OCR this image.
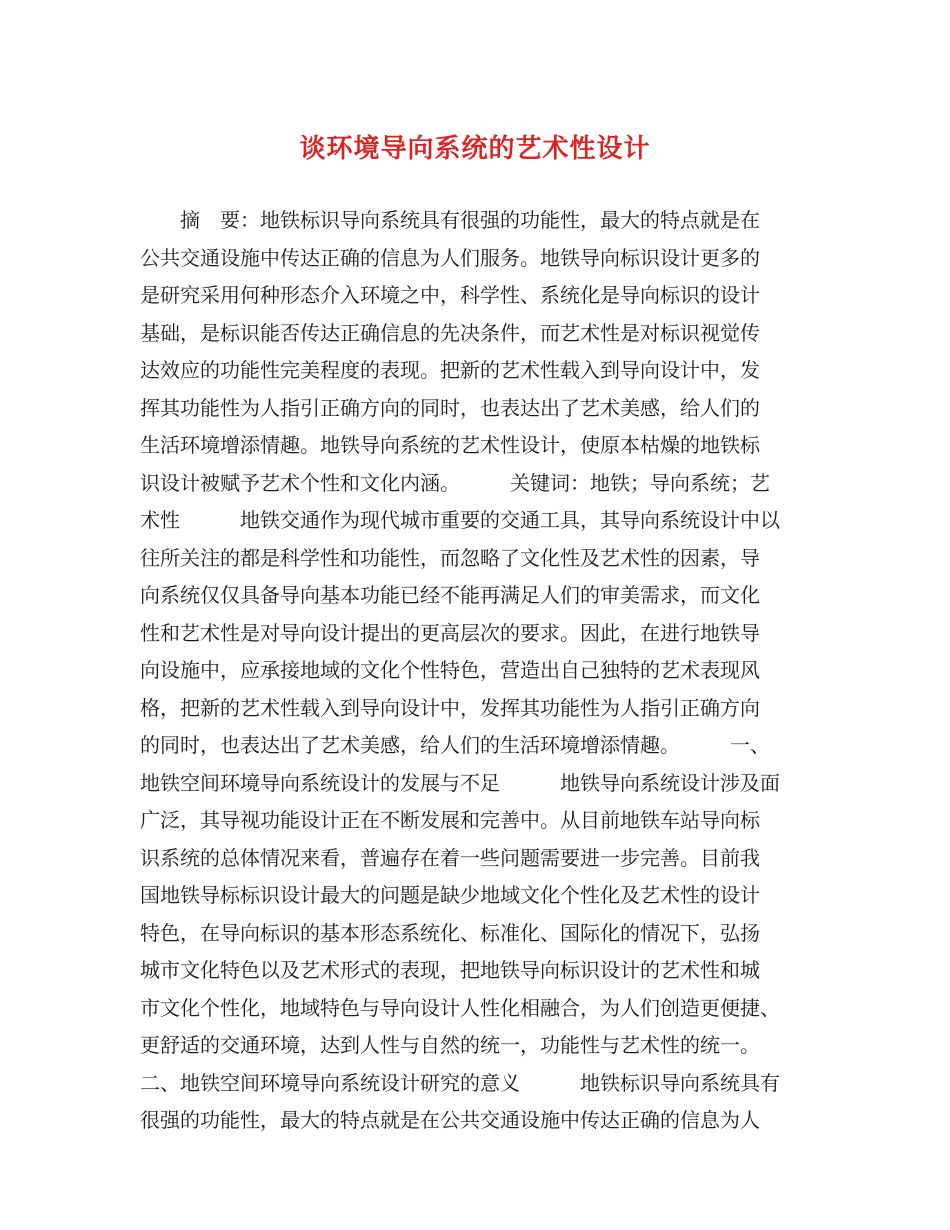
谈环境导向系统的艺术性设计
　　摘　要：地铁标识导向系统具有很强的功能性，最大的特点就是在
公共交通设施中传达正确的信息为人们服务。地铁导向标识设计更多的
是研究采用何种形态介入环境之中，科学性、系统化是导向标识的设计
基础，是标识能否传达正确信息的先决条件，而艺术性是对标识视觉传
达效应的功能性完美程度的表现。把新的艺术性载入到导向设计中，发
挥其功能性为人指引正确方向的同时，也表达出了艺术美感，给人们的
生活环境增添情趣。地铁导向系统的艺术性设计，使原本枯燥的地铁标
识设计被赋予艺术个性和文化内涵。　　　关键词：地铁；导向系统；艺
术性　　　地铁交通作为现代城市重要的交通工具，其导向系统设计中以
往所关注的都是科学性和功能性，而忽略了文化性及艺术性的因素，导
向系统仅仅具备导向基本功能已经不能再满足人们的审美需求，而文化
性和艺术性是对导向设计提出的更高层次的要求。因此，在进行地铁导
向设施中，应承接地域的文化个性特色，营造出自己独特的艺术表现风
格，把新的艺术性载入到导向设计中，发挥其功能性为人指引正确方向
的同时，也表达出了艺术美感，给人们的生活环境增添情趣。　　　一、
地铁空间环境导向系统设计的发展与不足　　　地铁导向系统设计涉及面
广泛，其导视功能设计正在不断发展和完善中。从目前地铁车站导向标
识系统的总体情况来看，普遍存在着一些问题需要进一步完善。目前我
国地铁导标标识设计最大的问题是缺少地域文化个性化及艺术性的设计
特色，在导向标识的基本形态系统化、标准化、国际化的情况下，弘扬
城市文化特色以及艺术形式的表现，把地铁导向标识设计的艺术性和城
市文化个性化，地域特色与导向设计人性化相融合，为人们创造更便捷、
更舒适的交通环境，达到人性与自然的统一，功能性与艺术性的统一。
二、地铁空间环境导向系统设计研究的意义　　　地铁标识导向系统具有
很强的功能性，最大的特点就是在公共交通设施中传达正确的信息为人
